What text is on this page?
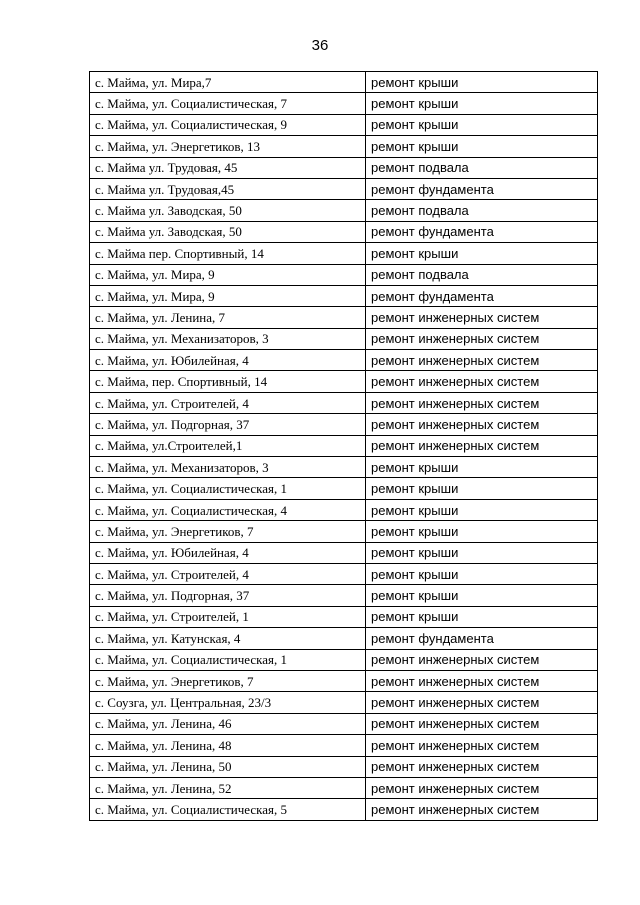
36
с. Майма, ул. Мира,7	ремонт крыши
с. Майма, ул. Социалистическая, 7	ремонт крыши
с. Майма, ул. Социалистическая, 9	ремонт крыши
с. Майма, ул. Энергетиков, 13	ремонт крыши
с. Майма ул. Трудовая, 45	ремонт подвала
с. Майма ул. Трудовая,45	ремонт фундамента
с. Майма ул. Заводская, 50	ремонт подвала
с. Майма ул. Заводская, 50	ремонт фундамента
с. Майма пер. Спортивный, 14	ремонт крыши
с. Майма, ул. Мира, 9	ремонт подвала
с. Майма, ул. Мира, 9	ремонт фундамента
с. Майма, ул. Ленина, 7	ремонт инженерных систем
с. Майма, ул. Механизаторов, 3	ремонт инженерных систем
с. Майма, ул. Юбилейная, 4	ремонт инженерных систем
с. Майма, пер. Спортивный, 14	ремонт инженерных систем
с. Майма, ул. Строителей, 4	ремонт инженерных систем
с. Майма, ул. Подгорная, 37	ремонт инженерных систем
с. Майма, ул.Строителей,1	ремонт инженерных систем
с. Майма, ул. Механизаторов, 3	ремонт крыши
с. Майма, ул. Социалистическая, 1	ремонт крыши
с. Майма, ул. Социалистическая, 4	ремонт крыши
с. Майма, ул. Энергетиков, 7	ремонт крыши
с. Майма, ул. Юбилейная, 4	ремонт крыши
с. Майма, ул. Строителей, 4	ремонт крыши
с. Майма, ул. Подгорная, 37	ремонт крыши
с. Майма, ул. Строителей, 1	ремонт крыши
с. Майма, ул. Катунская, 4	ремонт фундамента
с. Майма, ул. Социалистическая, 1	ремонт инженерных систем
с. Майма, ул. Энергетиков, 7	ремонт инженерных систем
с. Соузга, ул. Центральная, 23/3	ремонт инженерных систем
с. Майма, ул. Ленина, 46	ремонт инженерных систем
с. Майма, ул. Ленина, 48	ремонт инженерных систем
с. Майма, ул. Ленина, 50	ремонт инженерных систем
с. Майма, ул. Ленина, 52	ремонт инженерных систем
с. Майма, ул. Социалистическая, 5	ремонт инженерных систем
